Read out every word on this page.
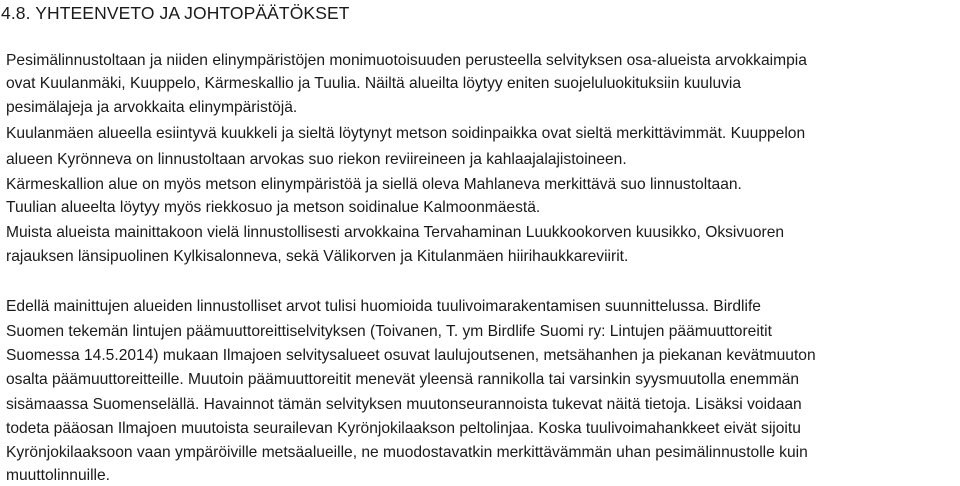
4.8. YHTEENVETO JA JOHTOPÄÄTÖKSET
Pesimälinnustoltaan ja niiden elinympäristöjen monimuotoisuuden perusteella selvityksen osa-alueista arvokkaimpia
ovat Kuulanmäki, Kuuppelo, Kärmeskallio ja Tuulia. Näiltä alueilta löytyy eniten suojeluluokituksiin kuuluvia
pesimälajeja ja arvokkaita elinympäristöjä.
Kuulanmäen alueella esiintyvä kuukkeli ja sieltä löytynyt metson soidinpaikka ovat sieltä merkittävimmät. Kuuppelon
alueen Kyrönneva on linnustoltaan arvokas suo riekon reviireineen ja kahlaajalajistoineen.
Kärmeskallion alue on myös metson elinympäristöä ja siellä oleva Mahlaneva merkittävä suo linnustoltaan.
Tuulian alueelta löytyy myös riekkosuo ja metson soidinalue Kalmoonmäestä.
Muista alueista mainittakoon vielä linnustollisesti arvokkaina Tervahaminan Luukkookorven kuusikko, Oksivuoren
rajauksen länsipuolinen Kylkisalonneva, sekä Välikorven ja Kitulanmäen hiirihaukkareviirit.
Edellä mainittujen alueiden linnustolliset arvot tulisi huomioida tuulivoimarakentamisen suunnittelussa. Birdlife
Suomen tekemän lintujen päämuuttoreittiselvityksen (Toivanen, T. ym Birdlife Suomi ry: Lintujen päämuuttoreitit
Suomessa 14.5.2014) mukaan Ilmajoen selvitysalueet osuvat laulujoutsenen, metsähanhen ja piekanan kevätmuuton
osalta päämuuttoreitteille. Muutoin päämuuttoreitit menevät yleensä rannikolla tai varsinkin syysmuutolla enemmän
sisämaassa Suomenselällä. Havainnot tämän selvityksen muutonseurannoista tukevat näitä tietoja. Lisäksi voidaan
todeta pääosan Ilmajoen muutoista seurailevan Kyrönjokilaakson peltolinjaa. Koska tuulivoimahankkeet eivät sijoitu
Kyrönjokilaaksoon vaan ympäröiville metsäalueille, ne muodostavatkin merkittävämmän uhan pesimälinnustolle kuin
muuttolinnuille.
